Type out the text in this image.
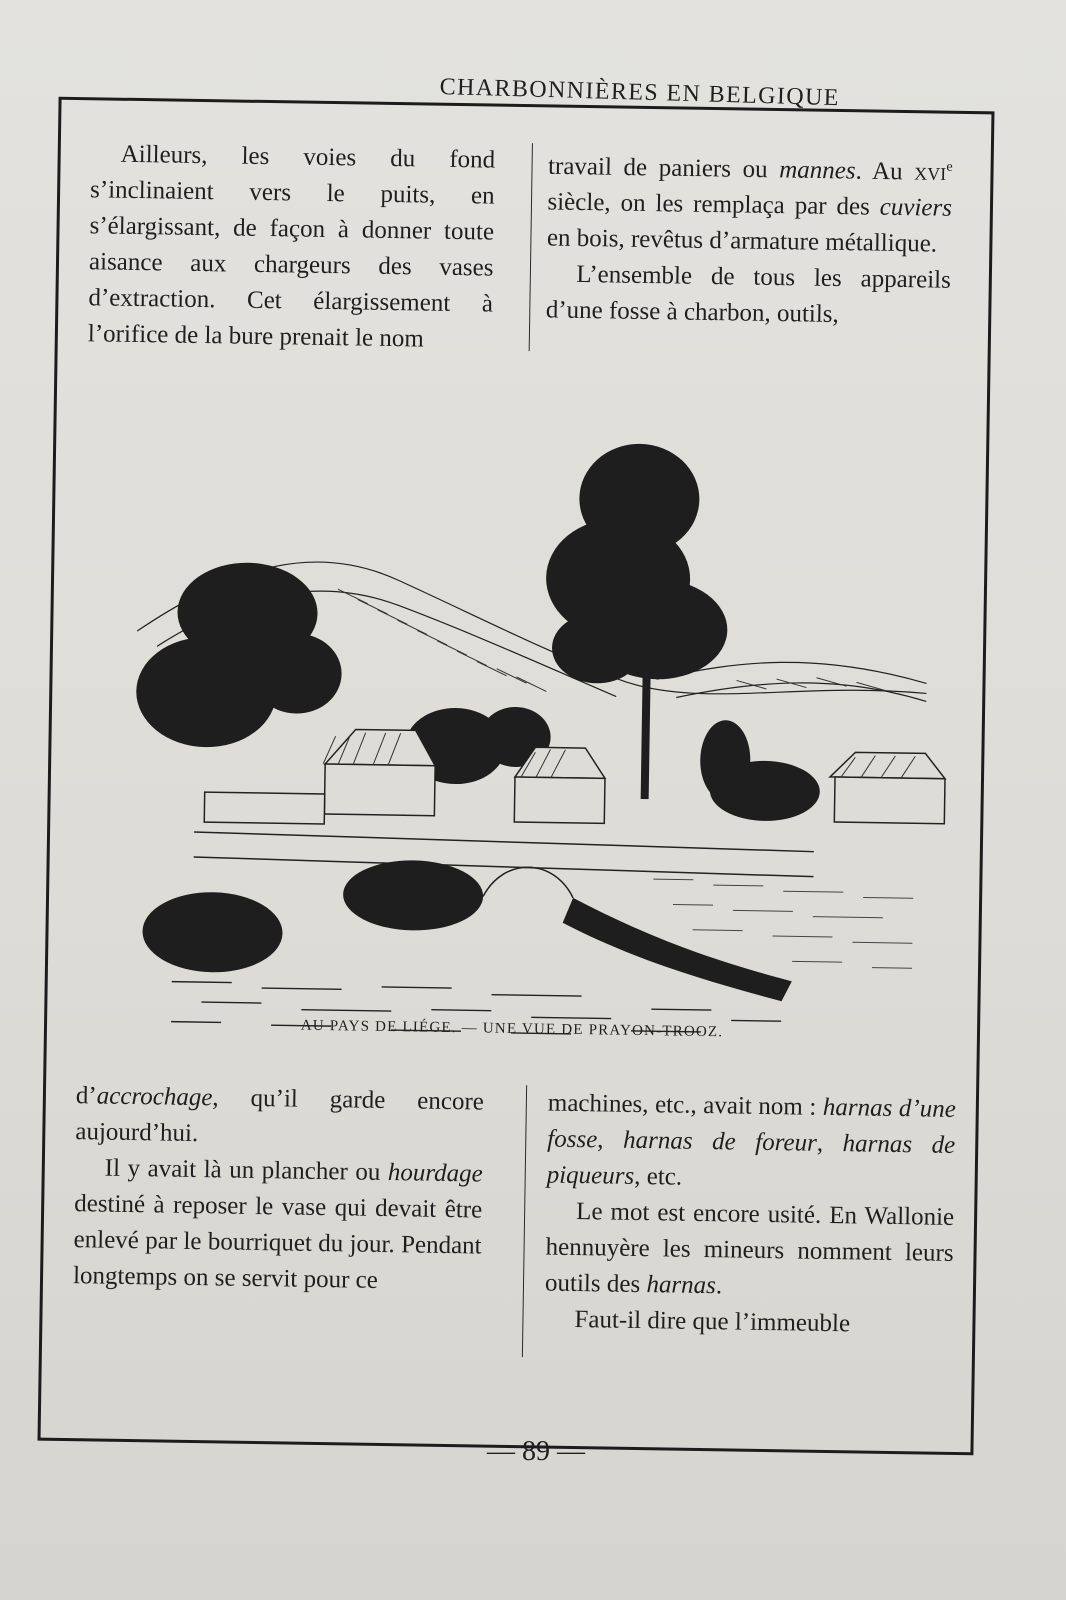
CHARBONNIÈRES EN BELGIQUE

Ailleurs, les voies du fond s’inclinaient vers le puits, en s’élargissant, de façon à donner toute aisance aux chargeurs des vases d’extraction. Cet élargissement à l’orifice de la bure prenait le nom

travail de paniers ou mannes. Au xvi$^e$ siècle, on les remplaça par des cuviers en bois, revêtus d’armature métallique.

L’ensemble de tous les appareils d’une fosse à charbon, outils,

AU PAYS DE LIÉGE. — UNE VUE DE PRAYON-TROOZ.

d’accrochage, qu’il garde encore aujourd’hui.

Il y avait là un plancher ou hourdage destiné à reposer le vase qui devait être enlevé par le bourriquet du jour. Pendant longtemps on se servit pour ce

machines, etc., avait nom : harnas d’une fosse, harnas de foreur, harnas de piqueurs, etc.

Le mot est encore usité. En Wallonie hennuyère les mineurs nomment leurs outils des harnas.

Faut-il dire que l’immeuble

— 89 —
